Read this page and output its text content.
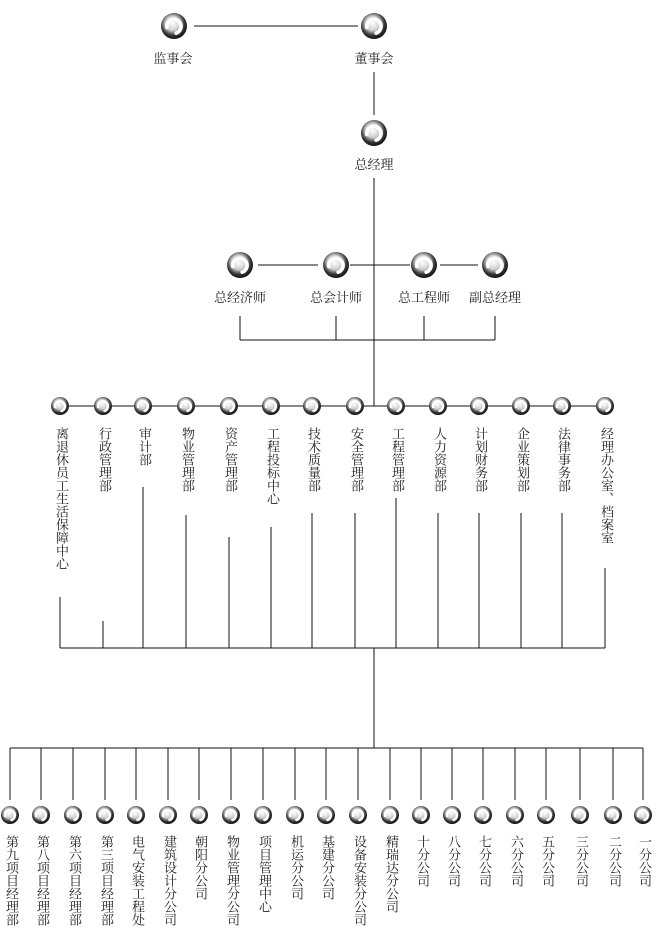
监事会	董事会
总经理
总经济师	总会计师	总工程师 副总经理
离退休员工生活保障中心 行政管理部 审计部 物业管理部 资产管理部 工程投标中心 技术质量部 安全管理部 工程管理部 人力资源部 计划财务部 企业策划部 法律事务部 经理办公室、档案室
第九项目经理部 第八项目经理部 第六项目经理部 第三项目经理部 电气安装工程处 建筑设计分公司 朝阳分公司 物业管理分公司 项目管理中心 机运分公司 基建分公司 设备安装分公司 精瑞达分公司 十分公司 八分公司 七分公司 六分公司 五分公司 三分公司 二分公司 一分公司
